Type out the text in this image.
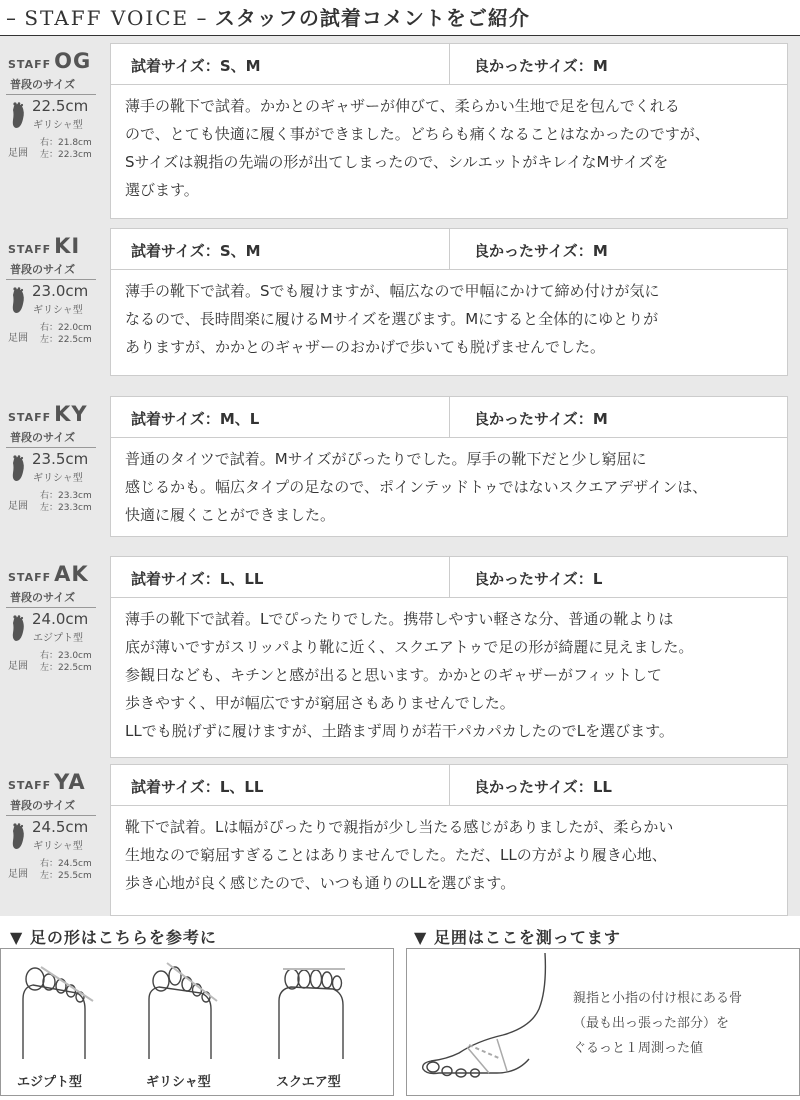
– STAFF VOICE – スタッフの試着コメントをご紹介
STAFF OG
普段のサイズ
22.5cm
ギリシャ型
足囲
右：21.8cm
左：22.3cm
試着サイズ：S、M	良かったサイズ：M
薄手の靴下で試着。かかとのギャザーが伸びて、柔らかい生地で足を包んでくれる
ので、とても快適に履く事ができました。どちらも痛くなることはなかったのですが、
Sサイズは親指の先端の形が出てしまったので、シルエットがキレイなMサイズを
選びます。
STAFF KI
普段のサイズ
23.0cm
ギリシャ型
足囲
右：22.0cm
左：22.5cm
試着サイズ：S、M	良かったサイズ：M
薄手の靴下で試着。Sでも履けますが、幅広なので甲幅にかけて締め付けが気に
なるので、長時間楽に履けるMサイズを選びます。Mにすると全体的にゆとりが
ありますが、かかとのギャザーのおかげで歩いても脱げませんでした。
STAFF KY
普段のサイズ
23.5cm
ギリシャ型
足囲
右：23.3cm
左：23.3cm
試着サイズ：M、L	良かったサイズ：M
普通のタイツで試着。Mサイズがぴったりでした。厚手の靴下だと少し窮屈に
感じるかも。幅広タイプの足なので、ポインテッドトゥではないスクエアデザインは、
快適に履くことができました。
STAFF AK
普段のサイズ
24.0cm
エジプト型
足囲
右：23.0cm
左：22.5cm
試着サイズ：L、LL	良かったサイズ：L
薄手の靴下で試着。Lでぴったりでした。携帯しやすい軽さな分、普通の靴よりは
底が薄いですがスリッパより靴に近く、スクエアトゥで足の形が綺麗に見えました。
参観日なども、キチンと感が出ると思います。かかとのギャザーがフィットして
歩きやすく、甲が幅広ですが窮屈さもありませんでした。
LLでも脱げずに履けますが、土踏まず周りが若干パカパカしたのでLを選びます。
STAFF YA
普段のサイズ
24.5cm
ギリシャ型
足囲
右：24.5cm
左：25.5cm
試着サイズ：L、LL	良かったサイズ：LL
靴下で試着。Lは幅がぴったりで親指が少し当たる感じがありましたが、柔らかい
生地なので窮屈すぎることはありませんでした。ただ、LLの方がより履き心地、
歩き心地が良く感じたので、いつも通りのLLを選びます。
▼ 足の形はこちらを参考に
エジプト型	ギリシャ型	スクエア型
▼ 足囲はここを測ってます
親指と小指の付け根にある骨
（最も出っ張った部分）を
ぐるっと１周測った値
